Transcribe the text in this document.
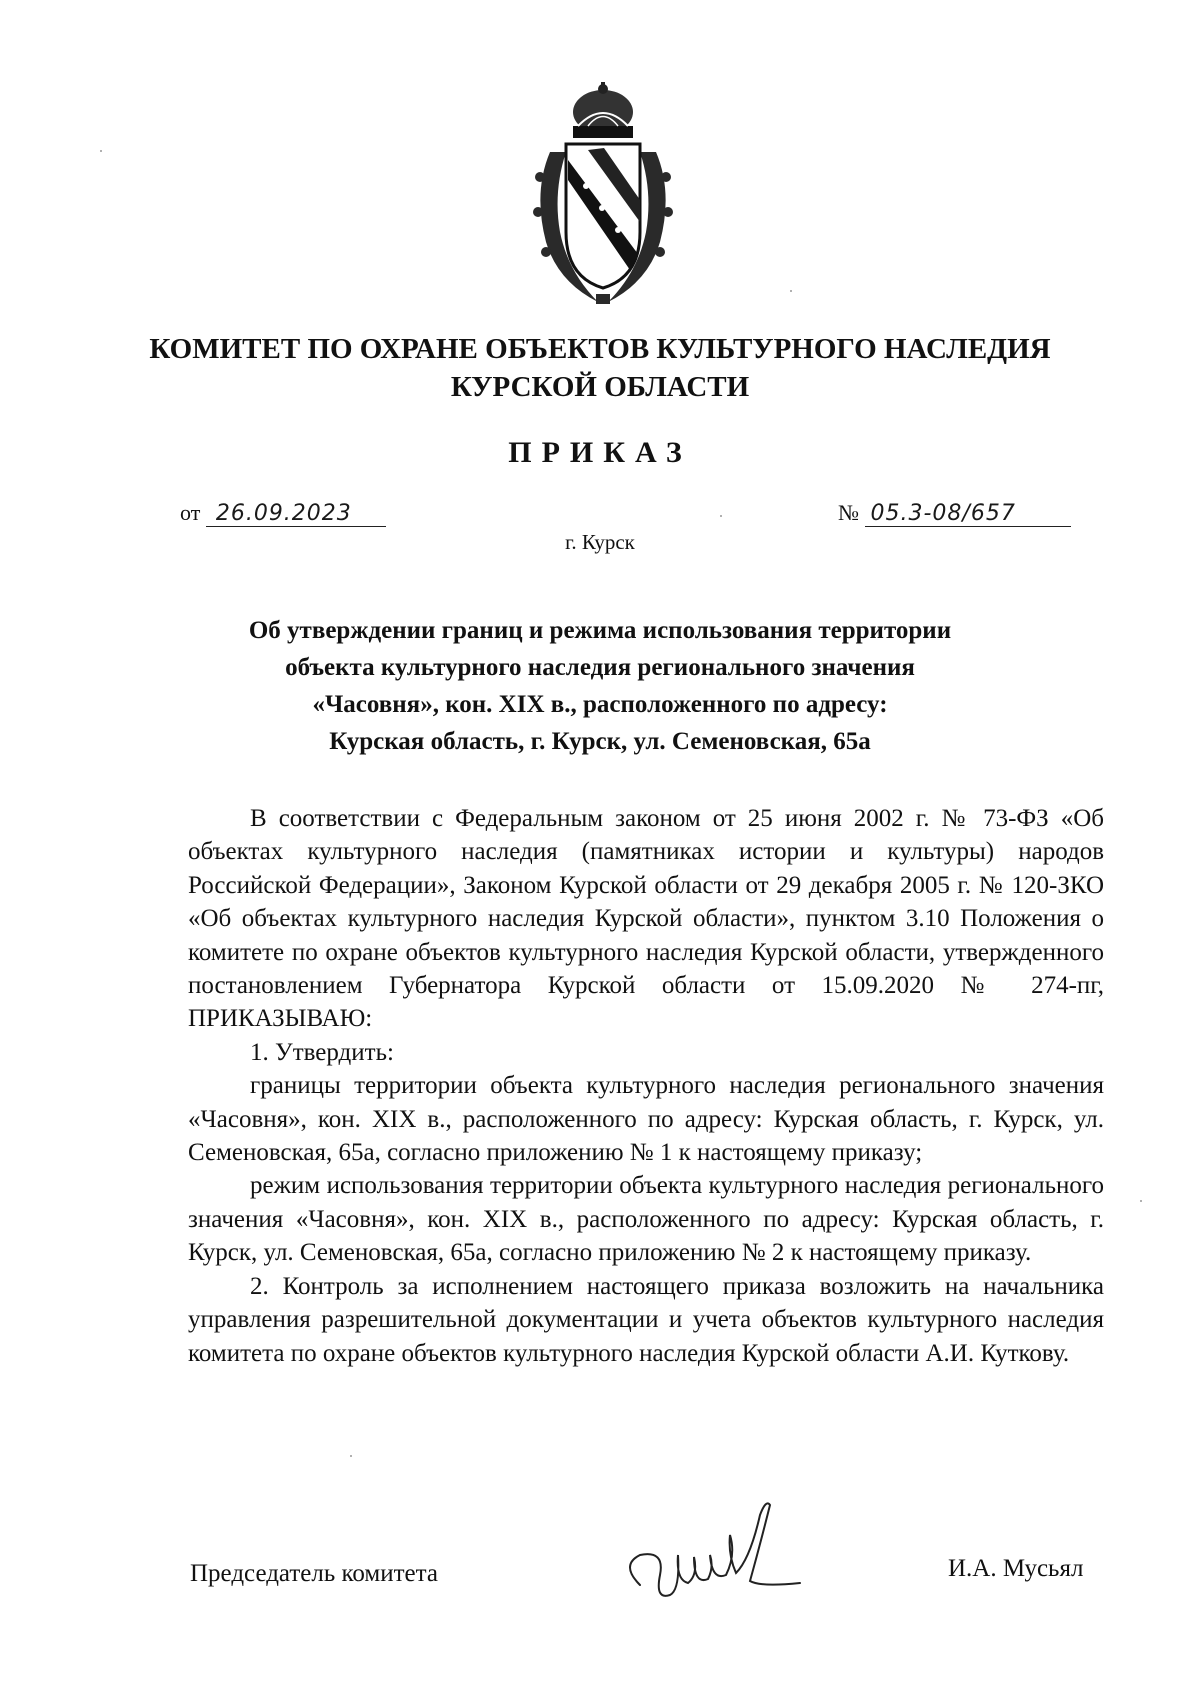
КОМИТЕТ ПО ОХРАНЕ ОБЪЕКТОВ КУЛЬТУРНОГО НАСЛЕДИЯ
КУРСКОЙ ОБЛАСТИ
ПРИКАЗ
от 26.09.2023	№ 05.3-08/657
г. Курск
Об утверждении границ и режима использования территории
объекта культурного наследия регионального значения
«Часовня», кон. XIX в., расположенного по адресу:
Курская область, г. Курск, ул. Семеновская, 65а

В соответствии с Федеральным законом от 25 июня 2002 г. № 73-ФЗ «Об объектах культурного наследия (памятниках истории и культуры) народов Российской Федерации», Законом Курской области от 29 декабря 2005 г. № 120-ЗКО «Об объектах культурного наследия Курской области», пунктом 3.10 Положения о комитете по охране объектов культурного наследия Курской области, утвержденного постановлением Губернатора Курской области от 15.09.2020 № 274-пг, ПРИКАЗЫВАЮ:

1. Утвердить:

границы территории объекта культурного наследия регионального значения «Часовня», кон. XIX в., расположенного по адресу: Курская область, г. Курск, ул. Семеновская, 65а, согласно приложению № 1 к настоящему приказу;

режим использования территории объекта культурного наследия регионального значения «Часовня», кон. XIX в., расположенного по адресу: Курская область, г. Курск, ул. Семеновская, 65а, согласно приложению № 2 к настоящему приказу.

2. Контроль за исполнением настоящего приказа возложить на начальника управления разрешительной документации и учета объектов культурного наследия комитета по охране объектов культурного наследия Курской области А.И. Куткову.

Председатель комитета	И.А. Мусьял
